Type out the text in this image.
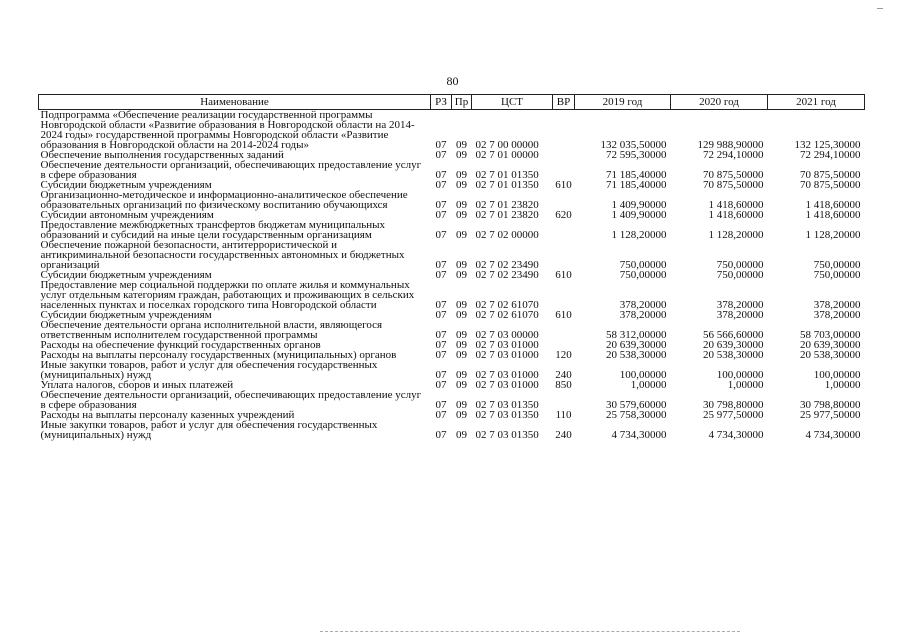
80
Наименование	РЗ	Пр	ЦСТ	ВР	2019 год	2020 год	2021 год
Подпрограмма «Обеспечение реализации государственной программы Новгородской области «Развитие образования в Новгородской области на 2014-2024 годы» государственной программы Новгородской области «Развитие образования в Новгородской области на 2014-2024 годы»	07	09	02 7 00 00000		132 035,50000	129 988,90000	132 125,30000
Обеспечение выполнения государственных заданий	07	09	02 7 01 00000		72 595,30000	72 294,10000	72 294,10000
Обеспечение деятельности организаций, обеспечивающих предоставление услуг в сфере образования	07	09	02 7 01 01350		71 185,40000	70 875,50000	70 875,50000
Субсидии бюджетным учреждениям	07	09	02 7 01 01350	610	71 185,40000	70 875,50000	70 875,50000
Организационно-методическое и информационно-аналитическое обеспечение образовательных организаций по физическому воспитанию обучающихся	07	09	02 7 01 23820		1 409,90000	1 418,60000	1 418,60000
Субсидии автономным учреждениям	07	09	02 7 01 23820	620	1 409,90000	1 418,60000	1 418,60000
Предоставление межбюджетных трансфертов бюджетам муниципальных образований и субсидий на иные цели государственным организациям	07	09	02 7 02 00000		1 128,20000	1 128,20000	1 128,20000
Обеспечение пожарной безопасности, антитеррористической и антикриминальной безопасности государственных автономных и бюджетных организаций	07	09	02 7 02 23490		750,00000	750,00000	750,00000
Субсидии бюджетным учреждениям	07	09	02 7 02 23490	610	750,00000	750,00000	750,00000
Предоставление мер социальной поддержки по оплате жилья и коммунальных услуг отдельным категориям граждан, работающих и проживающих в сельских населенных пунктах и поселках городского типа Новгородской области	07	09	02 7 02 61070		378,20000	378,20000	378,20000
Субсидии бюджетным учреждениям	07	09	02 7 02 61070	610	378,20000	378,20000	378,20000
Обеспечение деятельности органа исполнительной власти, являющегося ответственным исполнителем государственной программы	07	09	02 7 03 00000		58 312,00000	56 566,60000	58 703,00000
Расходы на обеспечение функций государственных органов	07	09	02 7 03 01000		20 639,30000	20 639,30000	20 639,30000
Расходы на выплаты персоналу государственных (муниципальных) органов	07	09	02 7 03 01000	120	20 538,30000	20 538,30000	20 538,30000
Иные закупки товаров, работ и услуг для обеспечения государственных (муниципальных) нужд	07	09	02 7 03 01000	240	100,00000	100,00000	100,00000
Уплата налогов, сборов и иных платежей	07	09	02 7 03 01000	850	1,00000	1,00000	1,00000
Обеспечение деятельности организаций, обеспечивающих предоставление услуг в сфере образования	07	09	02 7 03 01350		30 579,60000	30 798,80000	30 798,80000
Расходы на выплаты персоналу казенных учреждений	07	09	02 7 03 01350	110	25 758,30000	25 977,50000	25 977,50000
Иные закупки товаров, работ и услуг для обеспечения государственных (муниципальных) нужд	07	09	02 7 03 01350	240	4 734,30000	4 734,30000	4 734,30000
